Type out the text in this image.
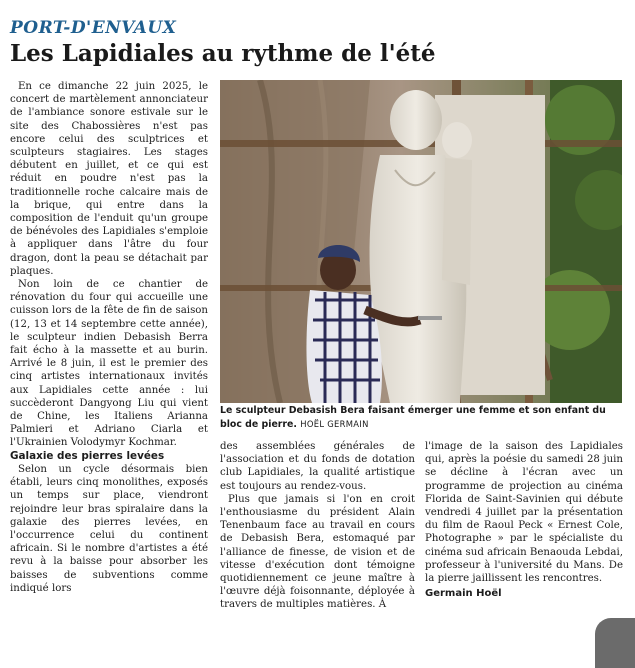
PORT-D'ENVAUX
Les Lapidiales au rythme de l'été

En ce dimanche 22 juin 2025, le concert de martèlement annonciateur de l'ambiance sonore estivale sur le site des Chabossières n'est pas encore celui des sculptrices et sculpteurs stagiaires. Les stages débutent en juillet, et ce qui est réduit en poudre n'est pas la traditionnelle roche calcaire mais de la brique, qui entre dans la composition de l'enduit qu'un groupe de bénévoles des Lapidiales s'emploie à appliquer dans l'âtre du four dragon, dont la peau se détachait par plaques.

Non loin de ce chantier de rénovation du four qui accueille une cuisson lors de la fête de fin de saison (12, 13 et 14 septembre cette année), le sculpteur indien Debasish Berra fait écho à la massette et au burin. Arrivé le 8 juin, il est le premier des cinq artistes internationaux invités aux Lapidiales cette année : lui succèderont Dangyong Liu qui vient de Chine, les Italiens Arianna Palmieri et Adriano Ciarla et l'Ukrainien Volodymyr Kochmar.

Galaxie des pierres levées

Selon un cycle désormais bien établi, leurs cinq monolithes, exposés un temps sur place, viendront rejoindre leur bras spiralaire dans la galaxie des pierres levées, en l'occurrence celui du continent africain. Si le nombre d'artistes a été revu à la baisse pour absorber les baisses de subventions comme indiqué lors

Le sculpteur Debasish Bera faisant émerger une femme et son enfant du bloc de pierre. HOËL GERMAIN

des assemblées générales de l'association et du fonds de dotation club Lapidiales, la qualité artistique est toujours au rendez-vous.

Plus que jamais si l'on en croit l'enthousiasme du président Alain Tenenbaum face au travail en cours de Debasish Bera, estomaqué par l'alliance de finesse, de vision et de vitesse d'exécution dont témoigne quotidiennement ce jeune maître à l'œuvre déjà foisonnante, déployée à travers de multiples matières. À

l'image de la saison des Lapidiales qui, après la poésie du samedi 28 juin se décline à l'écran avec un programme de projection au cinéma Florida de Saint-Savinien qui débute vendredi 4 juillet par la présentation du film de Raoul Peck « Ernest Cole, Photographe » par le spécialiste du cinéma sud africain Benaouda Lebdai, professeur à l'université du Mans. De la pierre jaillissent les rencontres.

Germain Hoël
